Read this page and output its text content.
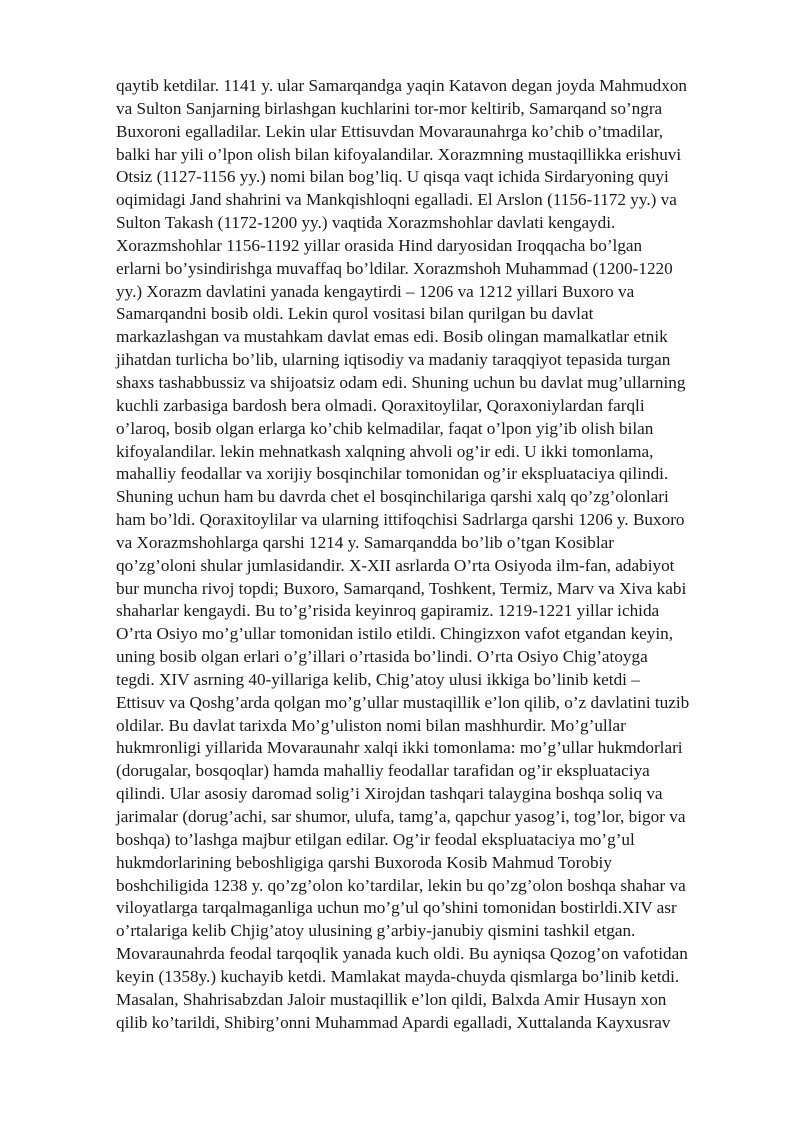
qaytib ketdilar. 1141 y. ular Samarqandga yaqin Katavon degan joyda Mahmudxon
va Sulton Sanjarning birlashgan kuchlarini tor-mor keltirib, Samarqand so’ngra
Buxoroni egalladilar. Lekin ular Ettisuvdan Movaraunahrga ko’chib o’tmadilar,
balki har yili o’lpon olish bilan kifoyalandilar. Xorazmning mustaqillikka erishuvi
Otsiz (1127-1156 yy.) nomi bilan bog’liq. U qisqa vaqt ichida Sirdaryoning quyi
oqimidagi Jand shahrini va Mankqishloqni egalladi. El Arslon (1156-1172 yy.) va
Sulton Takash (1172-1200 yy.) vaqtida Xorazmshohlar davlati kengaydi.
Xorazmshohlar 1156-1192 yillar orasida Hind daryosidan Iroqqacha bo’lgan
erlarni bo’ysindirishga muvaffaq bo’ldilar. Xorazmshoh Muhammad (1200-1220
yy.) Xorazm davlatini yanada kengaytirdi – 1206 va 1212 yillari Buxoro va
Samarqandni bosib oldi. Lekin qurol vositasi bilan qurilgan bu davlat
markazlashgan va mustahkam davlat emas edi. Bosib olingan mamalkatlar etnik
jihatdan turlicha bo’lib, ularning iqtisodiy va madaniy taraqqiyot tepasida turgan
shaxs tashabbussiz va shijoatsiz odam edi. Shuning uchun bu davlat mug’ullarning
kuchli zarbasiga bardosh bera olmadi. Qoraxitoylilar, Qoraxoniylardan farqli
o’laroq, bosib olgan erlarga ko’chib kelmadilar, faqat o’lpon yig’ib olish bilan
kifoyalandilar. lekin mehnatkash xalqning ahvoli og’ir edi. U ikki tomonlama,
mahalliy feodallar va xorijiy bosqinchilar tomonidan og’ir ekspluataciya qilindi.
Shuning uchun ham bu davrda chet el bosqinchilariga qarshi xalq qo’zg’olonlari
ham bo’ldi. Qoraxitoylilar va ularning ittifoqchisi Sadrlarga qarshi 1206 y. Buxoro
va Xorazmshohlarga qarshi 1214 y. Samarqandda bo’lib o’tgan Kosiblar
qo’zg’oloni shular jumlasidandir. X-XII asrlarda O’rta Osiyoda ilm-fan, adabiyot
bur muncha rivoj topdi; Buxoro, Samarqand, Toshkent, Termiz, Marv va Xiva kabi
shaharlar kengaydi. Bu to’g’risida keyinroq gapiramiz. 1219-1221 yillar ichida
O’rta Osiyo mo’g’ullar tomonidan istilo etildi. Chingizxon vafot etgandan keyin,
uning bosib olgan erlari o’g’illari o’rtasida bo’lindi. O’rta Osiyo Chig’atoyga
tegdi. XIV asrning 40-yillariga kelib, Chig’atoy ulusi ikkiga bo’linib ketdi –
Ettisuv va Qoshg’arda qolgan mo’g’ullar mustaqillik e’lon qilib, o’z davlatini tuzib
oldilar. Bu davlat tarixda Mo’g’uliston nomi bilan mashhurdir. Mo’g’ullar
hukmronligi yillarida Movaraunahr xalqi ikki tomonlama: mo’g’ullar hukmdorlari
(dorugalar, bosqoqlar) hamda mahalliy feodallar tarafidan og’ir ekspluataciya
qilindi. Ular asosiy daromad solig’i Xirojdan tashqari talaygina boshqa soliq va
jarimalar (dorug’achi, sar shumor, ulufa, tamg’a, qapchur yasog’i, tog’lor, bigor va
boshqa) to’lashga majbur etilgan edilar. Og’ir feodal ekspluataciya mo’g’ul
hukmdorlarining beboshligiga qarshi Buxoroda Kosib Mahmud Torobiy
boshchiligida 1238 y. qo’zg’olon ko’tardilar, lekin bu qo’zg’olon boshqa shahar va
viloyatlarga tarqalmaganliga uchun mo’g’ul qo’shini tomonidan bostirldi.XIV asr
o’rtalariga kelib Chjig’atoy ulusining g’arbiy-janubiy qismini tashkil etgan.
Movaraunahrda feodal tarqoqlik yanada kuch oldi. Bu ayniqsa Qozog’on vafotidan
keyin (1358y.) kuchayib ketdi. Mamlakat mayda-chuyda qismlarga bo’linib ketdi.
Masalan, Shahrisabzdan Jaloir mustaqillik e’lon qildi, Balxda Amir Husayn xon
qilib ko’tarildi, Shibirg’onni Muhammad Apardi egalladi, Xuttalanda Kayxusrav
